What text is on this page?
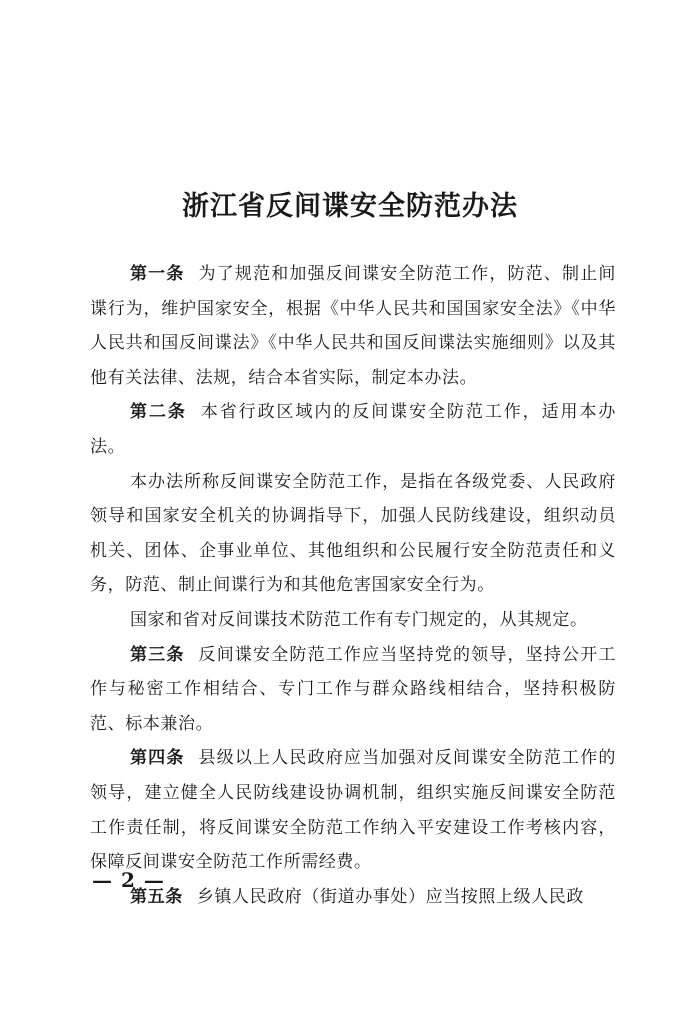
浙江省反间谍安全防范办法

第一条 为了规范和加强反间谍安全防范工作，防范、制止间谍行为，维护国家安全，根据《中华人民共和国国家安全法》《中华人民共和国反间谍法》《中华人民共和国反间谍法实施细则》以及其他有关法律、法规，结合本省实际，制定本办法。

第二条 本省行政区域内的反间谍安全防范工作，适用本办法。

本办法所称反间谍安全防范工作，是指在各级党委、人民政府领导和国家安全机关的协调指导下，加强人民防线建设，组织动员机关、团体、企事业单位、其他组织和公民履行安全防范责任和义务，防范、制止间谍行为和其他危害国家安全行为。

国家和省对反间谍技术防范工作有专门规定的，从其规定。

第三条 反间谍安全防范工作应当坚持党的领导，坚持公开工作与秘密工作相结合、专门工作与群众路线相结合，坚持积极防范、标本兼治。

第四条 县级以上人民政府应当加强对反间谍安全防范工作的领导，建立健全人民防线建设协调机制，组织实施反间谍安全防范工作责任制，将反间谍安全防范工作纳入平安建设工作考核内容，保障反间谍安全防范工作所需经费。

第五条 乡镇人民政府（街道办事处）应当按照上级人民政

— 2 —
